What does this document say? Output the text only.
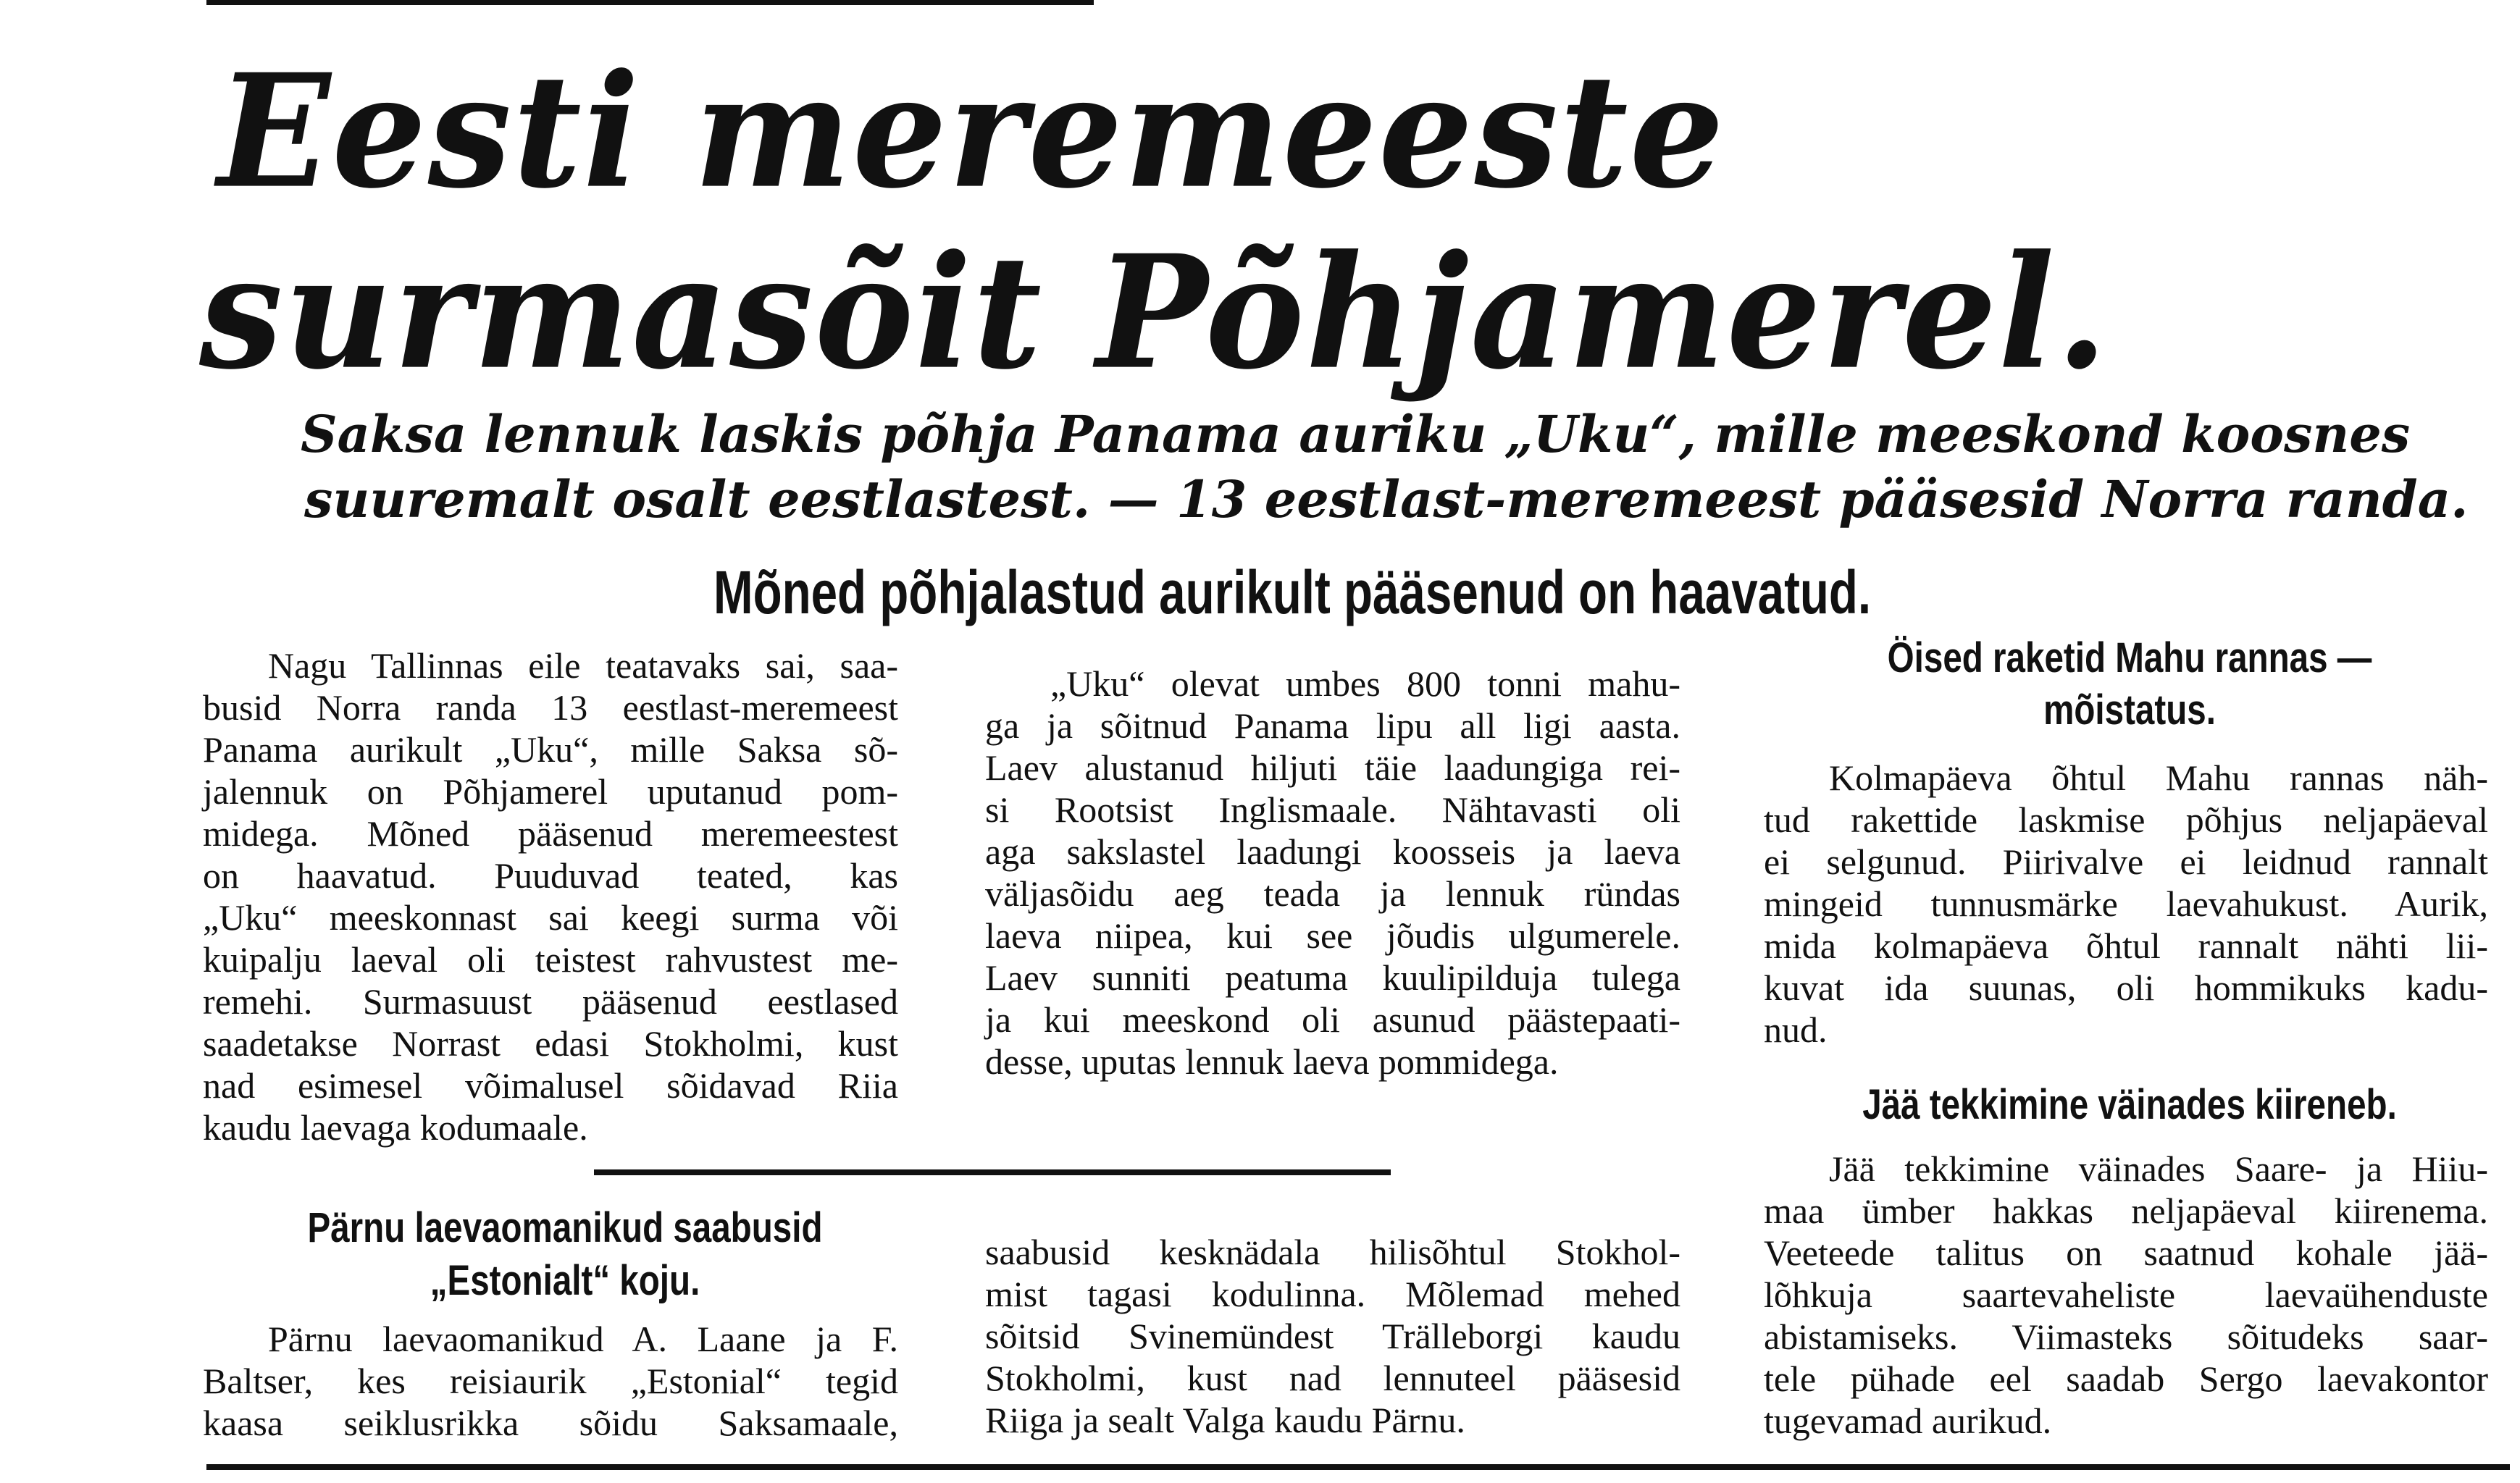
Eesti meremeeste
surmasõit Põhjamerel.
Saksa lennuk laskis põhja Panama auriku „Uku“, mille meeskond koosnes
suuremalt osalt eestlastest. — 13 eestlast-meremeest pääsesid Norra randa.
Mõned põhjalastud aurikult pääsenud on haavatud.
Nagu Tallinnas eile teatavaks sai, saa-
busid Norra randa 13 eestlast-meremeest
Panama aurikult „Uku“, mille Saksa sõ-
jalennuk on Põhjamerel uputanud pom-
midega. Mõned pääsenud meremeestest
on haavatud. Puuduvad teated, kas
„Uku“ meeskonnast sai keegi surma või
kuipalju laeval oli teistest rahvustest me-
remehi. Surmasuust pääsenud eestlased
saadetakse Norrast edasi Stokholmi, kust
nad esimesel võimalusel sõidavad Riia
kaudu laevaga kodumaale.
„Uku“ olevat umbes 800 tonni mahu-
ga ja sõitnud Panama lipu all ligi aasta.
Laev alustanud hiljuti täie laadungiga rei-
si Rootsist Inglismaale. Nähtavasti oli
aga sakslastel laadungi koosseis ja laeva
väljasõidu aeg teada ja lennuk ründas
laeva niipea, kui see jõudis ulgumerele.
Laev sunniti peatuma kuulipilduja tulega
ja kui meeskond oli asunud päästepaati-
desse, uputas lennuk laeva pommidega.
Öised raketid Mahu rannas —
mõistatus.
Kolmapäeva õhtul Mahu rannas näh-
tud rakettide laskmise põhjus neljapäeval
ei selgunud. Piirivalve ei leidnud rannalt
mingeid tunnusmärke laevahukust. Aurik,
mida kolmapäeva õhtul rannalt nähti lii-
kuvat ida suunas, oli hommikuks kadu-
nud.
Jää tekkimine väinades kiireneb.
Jää tekkimine väinades Saare- ja Hiiu-
maa ümber hakkas neljapäeval kiirenema.
Veeteede talitus on saatnud kohale jää-
lõhkuja saartevaheliste laevaühenduste
abistamiseks. Viimasteks sõitudeks saar-
tele pühade eel saadab Sergo laevakontor
tugevamad aurikud.
Pärnu laevaomanikud saabusid
„Estonialt“ koju.
Pärnu laevaomanikud A. Laane ja F.
Baltser, kes reisiaurik „Estonial“ tegid
kaasa seiklusrikka sõidu Saksamaale,
saabusid kesknädala hilisõhtul Stokhol-
mist tagasi kodulinna. Mõlemad mehed
sõitsid Svinemündest Trälleborgi kaudu
Stokholmi, kust nad lennuteel pääsesid
Riiga ja sealt Valga kaudu Pärnu.
